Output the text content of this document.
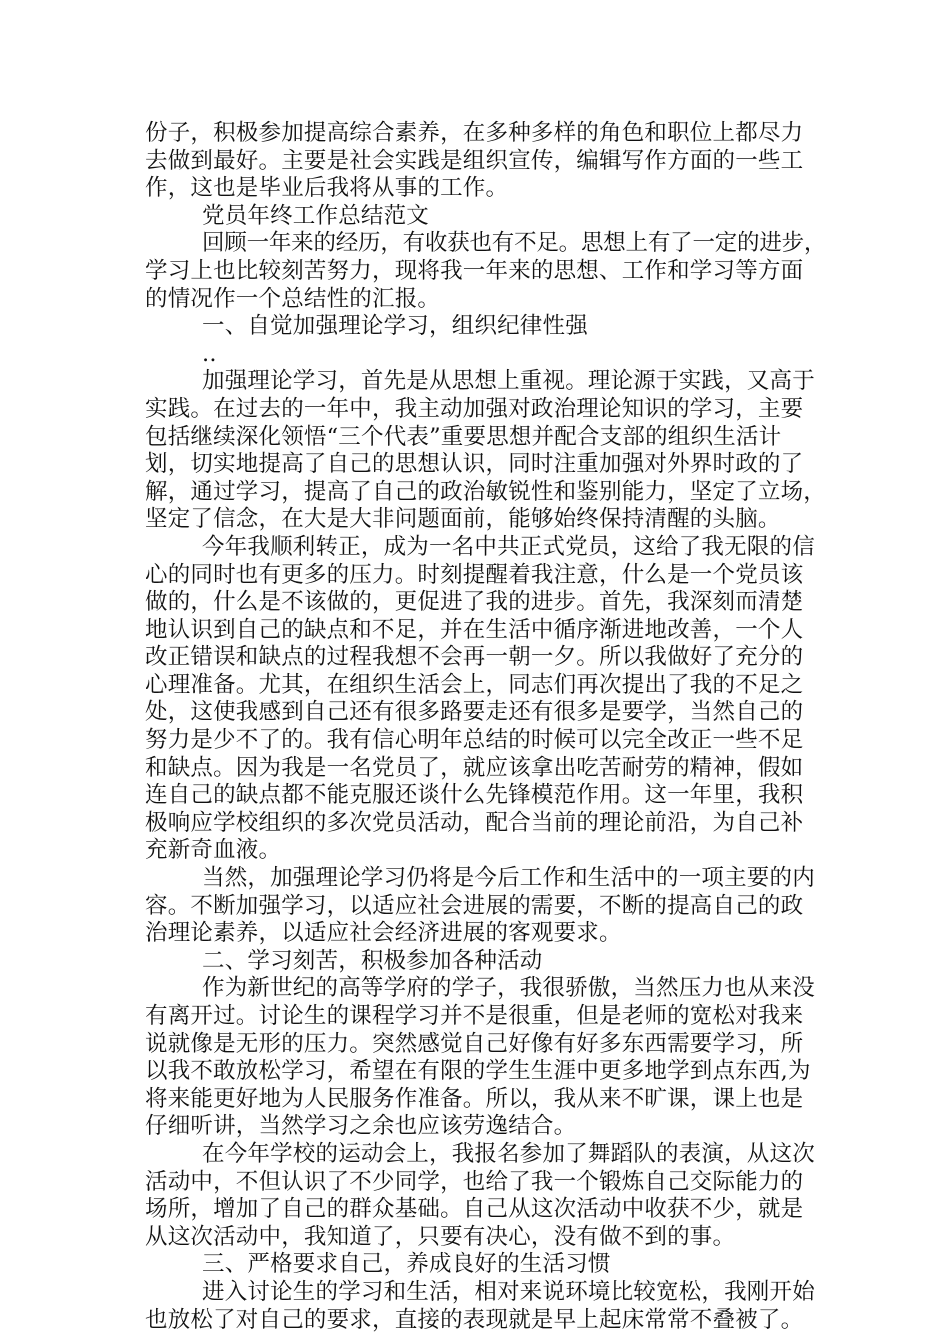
份子，积极参加提高综合素养，在多种多样的角色和职位上都尽力
去做到最好。主要是社会实践是组织宣传，编辑写作方面的一些工
作，这也是毕业后我将从事的工作。
党员年终工作总结范文
回顾一年来的经历，有收获也有不足。思想上有了一定的进步，
学习上也比较刻苦努力，现将我一年来的思想、工作和学习等方面
的情况作一个总结性的汇报。
一、自觉加强理论学习，组织纪律性强
..
加强理论学习，首先是从思想上重视。理论源于实践，又高于
实践。在过去的一年中，我主动加强对政治理论知识的学习，主要
包括继续深化领悟“三个代表”重要思想并配合支部的组织生活计
划，切实地提高了自己的思想认识，同时注重加强对外界时政的了
解，通过学习，提高了自己的政治敏锐性和鉴别能力，坚定了立场，
坚定了信念，在大是大非问题面前，能够始终保持清醒的头脑。
今年我顺利转正，成为一名中共正式党员，这给了我无限的信
心的同时也有更多的压力。时刻提醒着我注意，什么是一个党员该
做的，什么是不该做的，更促进了我的进步。首先，我深刻而清楚
地认识到自己的缺点和不足，并在生活中循序渐进地改善，一个人
改正错误和缺点的过程我想不会再一朝一夕。所以我做好了充分的
心理准备。尤其，在组织生活会上，同志们再次提出了我的不足之
处，这使我感到自己还有很多路要走还有很多是要学，当然自己的
努力是少不了的。我有信心明年总结的时候可以完全改正一些不足
和缺点。因为我是一名党员了，就应该拿出吃苦耐劳的精神，假如
连自己的缺点都不能克服还谈什么先锋模范作用。这一年里，我积
极响应学校组织的多次党员活动，配合当前的理论前沿，为自己补
充新奇血液。
当然，加强理论学习仍将是今后工作和生活中的一项主要的内
容。不断加强学习，以适应社会进展的需要，不断的提高自己的政
治理论素养，以适应社会经济进展的客观要求。
二、学习刻苦，积极参加各种活动
作为新世纪的高等学府的学子，我很骄傲，当然压力也从来没
有离开过。讨论生的课程学习并不是很重，但是老师的宽松对我来
说就像是无形的压力。突然感觉自己好像有好多东西需要学习，所
以我不敢放松学习，希望在有限的学生生涯中更多地学到点东西,为
将来能更好地为人民服务作准备。所以，我从来不旷课，课上也是
仔细听讲，当然学习之余也应该劳逸结合。
在今年学校的运动会上，我报名参加了舞蹈队的表演，从这次
活动中，不但认识了不少同学，也给了我一个锻炼自己交际能力的
场所，增加了自己的群众基础。自己从这次活动中收获不少，就是
从这次活动中，我知道了，只要有决心，没有做不到的事。
三、严格要求自己，养成良好的生活习惯
进入讨论生的学习和生活，相对来说环境比较宽松，我刚开始
也放松了对自己的要求，直接的表现就是早上起床常常不叠被了。
